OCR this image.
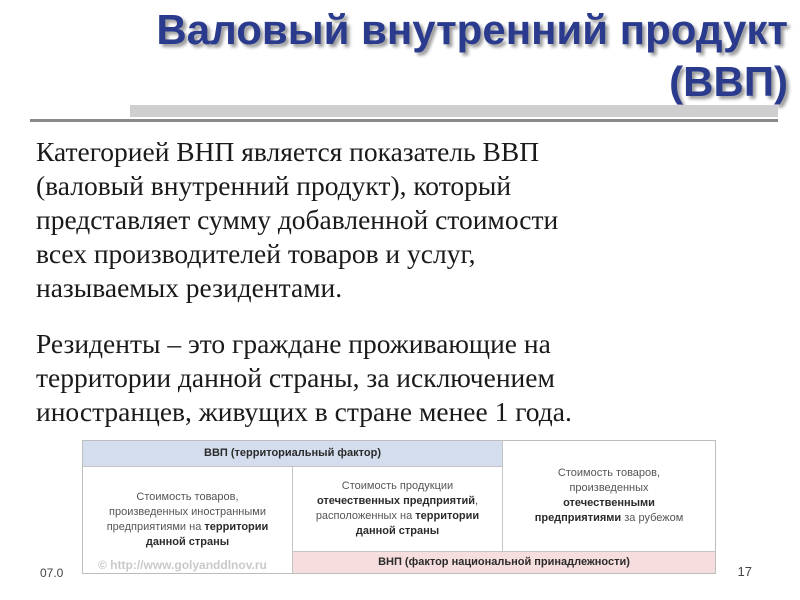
Валовый внутренний продукт
(ВВП)
Категорией ВНП является показатель ВВП
(валовый внутренний продукт), который
представляет сумму добавленной стоимости
всех производителей товаров и услуг,
называемых резидентами.
Резиденты – это граждане проживающие на
территории данной страны, за исключением
иностранцев, живущих в стране менее 1 года.
ВВП (территориальный фактор)
Стоимость товаров,
произведенных иностранными
предприятиями на территории
данной страны
Стоимость продукции
отечественных предприятий,
расположенных на территории
данной страны
Стоимость товаров,
произведенных
отечественными
предприятиями за рубежом
ВНП (фактор национальной принадлежности)
© http://www.golyanddlnov.ru
07.0	17
